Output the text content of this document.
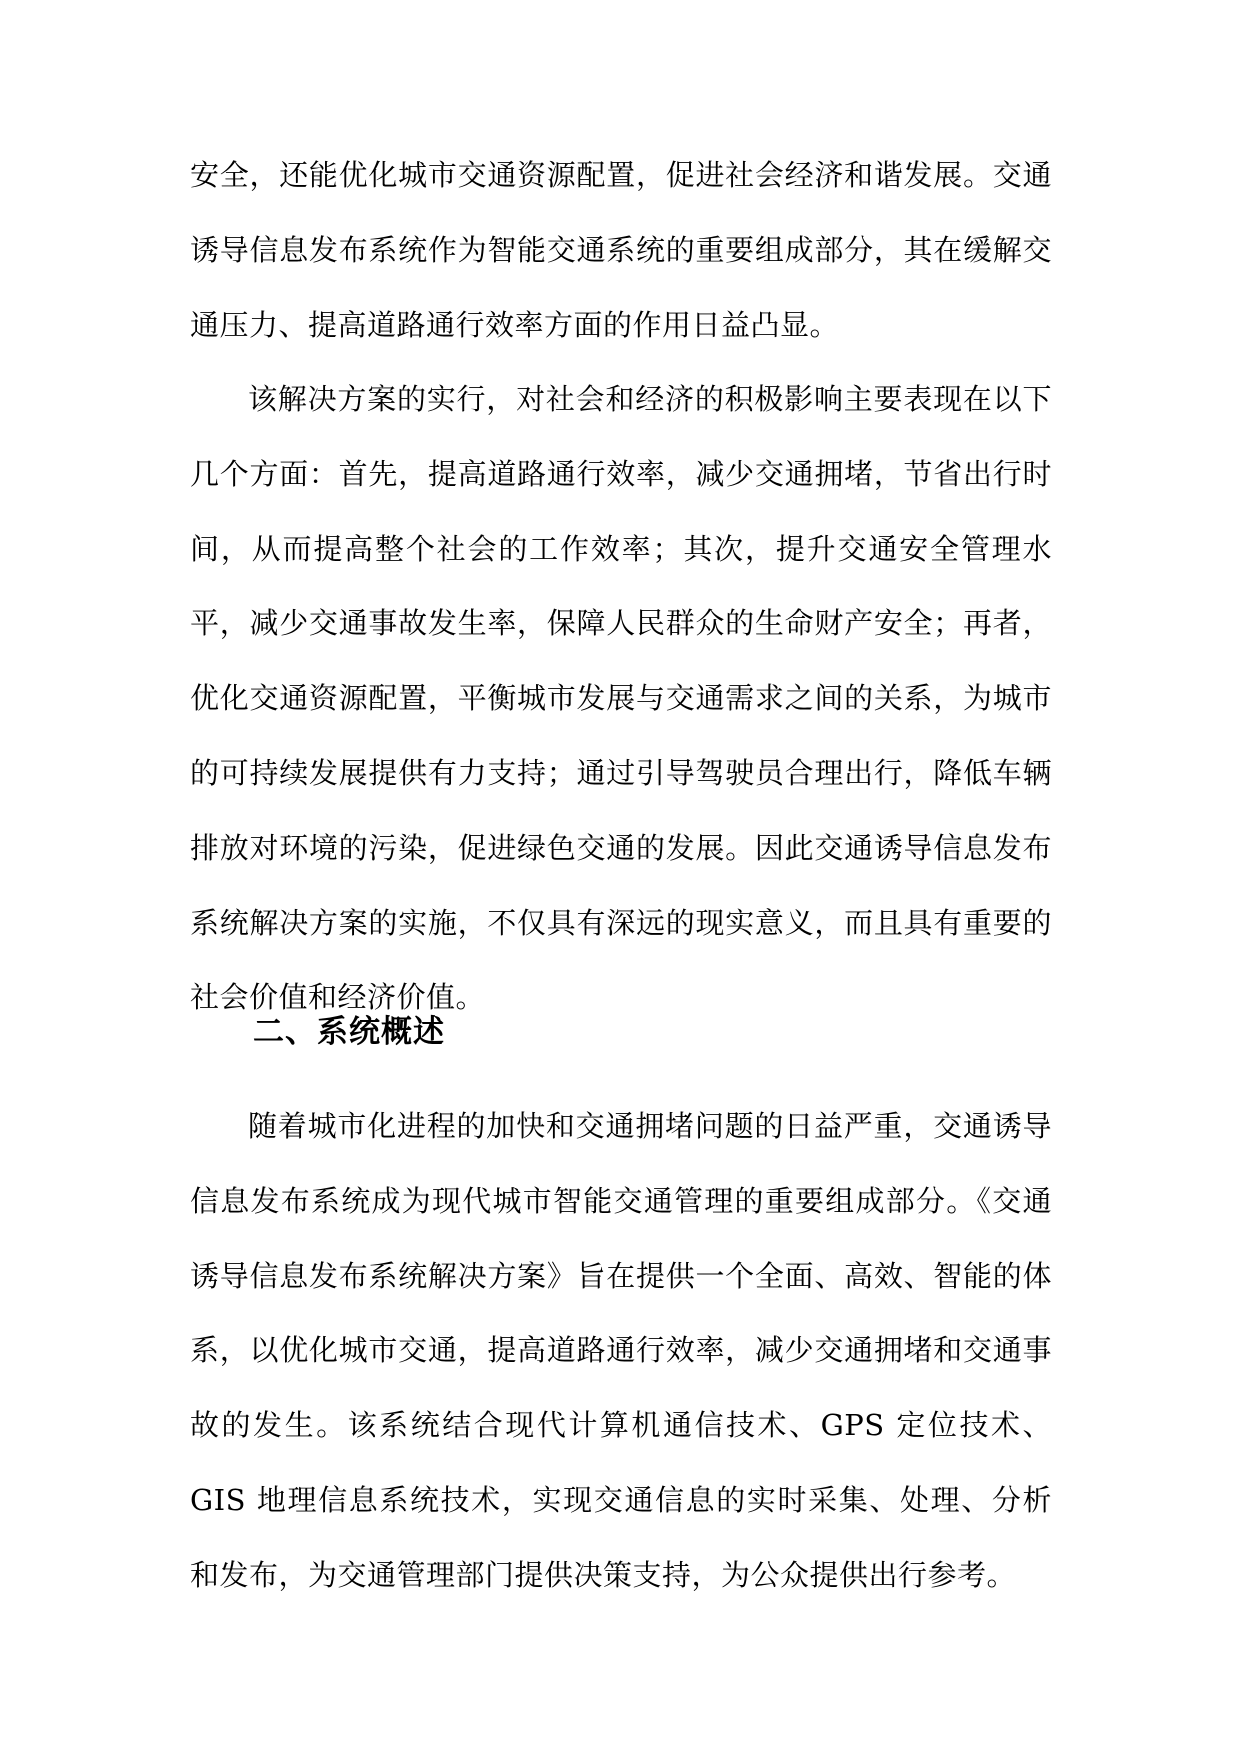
安全，还能优化城市交通资源配置，促进社会经济和谐发展。交通诱导信息发布系统作为智能交通系统的重要组成部分，其在缓解交通压力、提高道路通行效率方面的作用日益凸显。

该解决方案的实行，对社会和经济的积极影响主要表现在以下几个方面：首先，提高道路通行效率，减少交通拥堵，节省出行时间，从而提高整个社会的工作效率；其次，提升交通安全管理水平，减少交通事故发生率，保障人民群众的生命财产安全；再者，优化交通资源配置，平衡城市发展与交通需求之间的关系，为城市的可持续发展提供有力支持；通过引导驾驶员合理出行，降低车辆排放对环境的污染，促进绿色交通的发展。因此交通诱导信息发布系统解决方案的实施，不仅具有深远的现实意义，而且具有重要的社会价值和经济价值。

二、系统概述

随着城市化进程的加快和交通拥堵问题的日益严重，交通诱导信息发布系统成为现代城市智能交通管理的重要组成部分。《交通诱导信息发布系统解决方案》旨在提供一个全面、高效、智能的体系，以优化城市交通，提高道路通行效率，减少交通拥堵和交通事故的发生。该系统结合现代计算机通信技术、GPS 定位技术、GIS 地理信息系统技术，实现交通信息的实时采集、处理、分析和发布，为交通管理部门提供决策支持，为公众提供出行参考。
